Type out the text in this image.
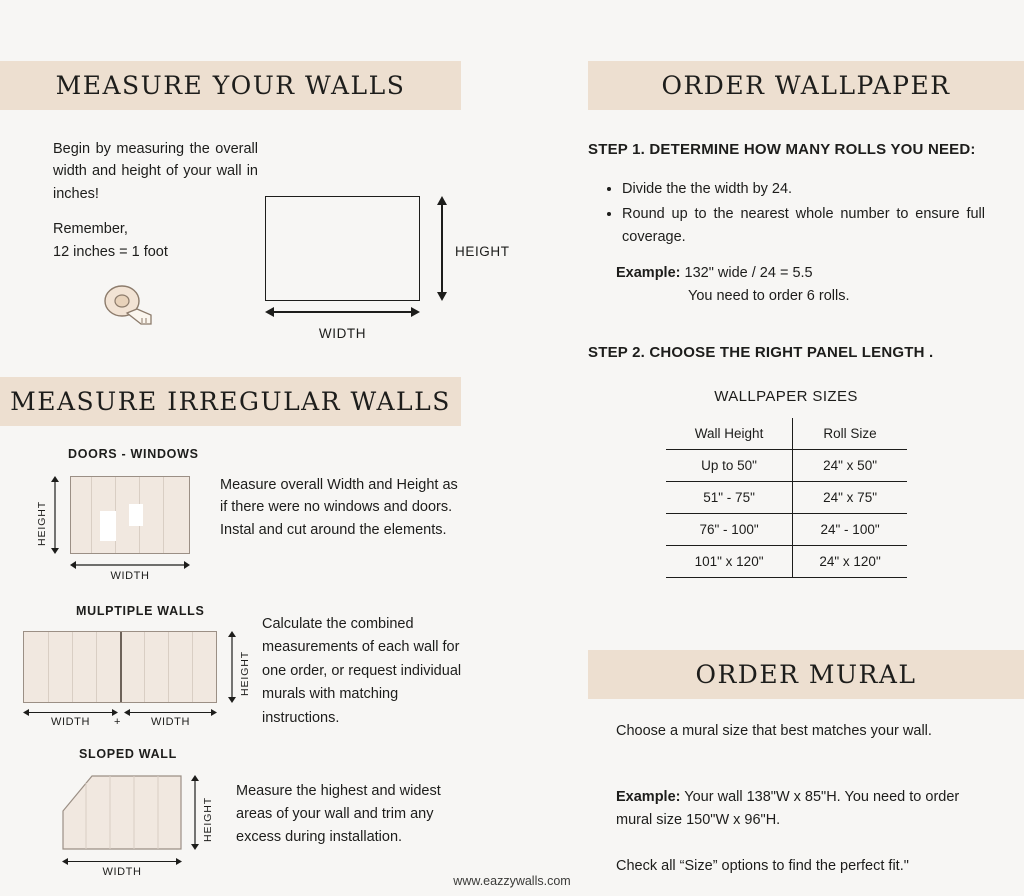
MEASURE YOUR WALLS
Begin by measuring the overall width and height of your wall in inches!
Remember,
12 inches = 1 foot	HEIGHT
WIDTH
MEASURE IRREGULAR WALLS
DOORS - WINDOWS
HEIGHT
WIDTH
Measure overall Width and Height as if there were no windows and doors. Instal and cut around the elements.
MULPTIPLE WALLS
HEIGHT
WIDTH	+	WIDTH
Calculate the combined measurements of each wall for one order, or request individual murals with matching instructions.
SLOPED WALL
HEIGHT
WIDTH
Measure the highest and widest areas of your wall and trim any excess during installation.
ORDER WALLPAPER
STEP 1. DETERMINE HOW MANY ROLLS YOU NEED:
• Divide the the width by 24.
• Round up to the nearest whole number to ensure full coverage.
Example: 132" wide / 24 = 5.5
You need to order 6 rolls.
STEP 2. CHOOSE THE RIGHT PANEL LENGTH .
WALLPAPER SIZES
Wall Height	Roll Size
Up to 50"	24" x 50"
51" - 75"	24" x 75"
76" - 100"	24" - 100"
101" x 120"	24" x 120"
ORDER MURAL
Choose a mural size that best matches your wall.
Example: Your wall 138"W x 85"H. You need to order mural size 150"W x 96"H.
Check all “Size” options to find the perfect fit."
www.eazzywalls.com
